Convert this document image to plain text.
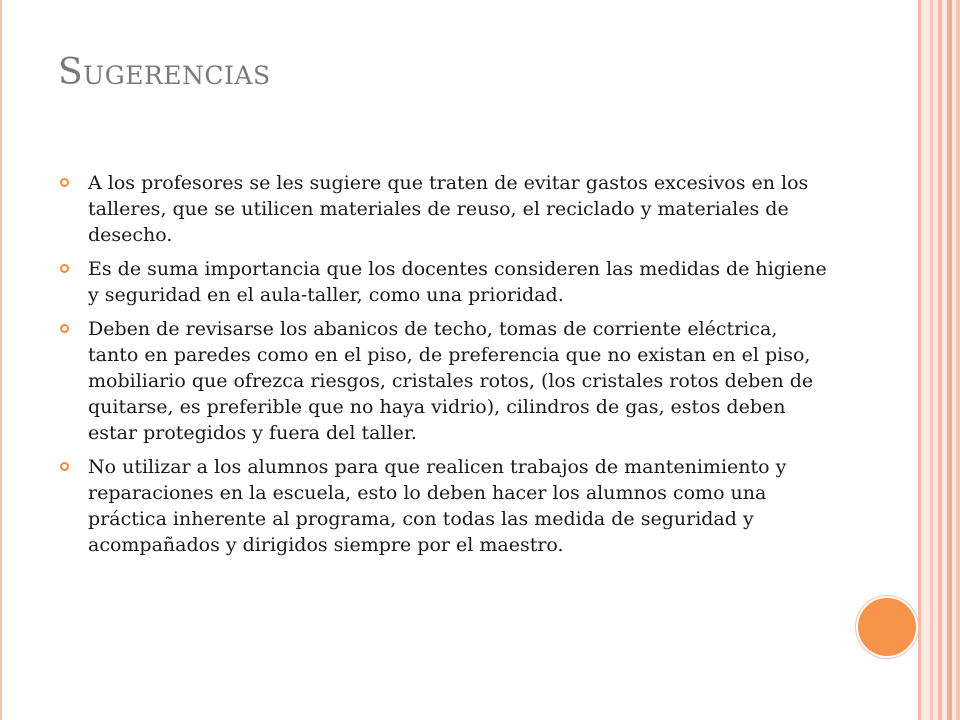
Sugerencias
A los profesores se les sugiere que traten de evitar gastos excesivos en los talleres, que se utilicen materiales de reuso, el reciclado y materiales de desecho.
Es de suma importancia que los docentes consideren las medidas de higiene y seguridad en el aula-taller, como una prioridad.
Deben de revisarse los abanicos de techo, tomas de corriente eléctrica, tanto en paredes como en el piso, de preferencia que no existan en el piso, mobiliario que ofrezca riesgos, cristales rotos, (los cristales rotos deben de quitarse, es preferible que no haya vidrio), cilindros de gas, estos deben estar protegidos y fuera del taller.
No utilizar a los alumnos para que realicen trabajos de mantenimiento y reparaciones en la escuela, esto lo deben hacer los alumnos como una práctica inherente al programa, con todas las medida de seguridad y acompañados y dirigidos siempre por el maestro.
